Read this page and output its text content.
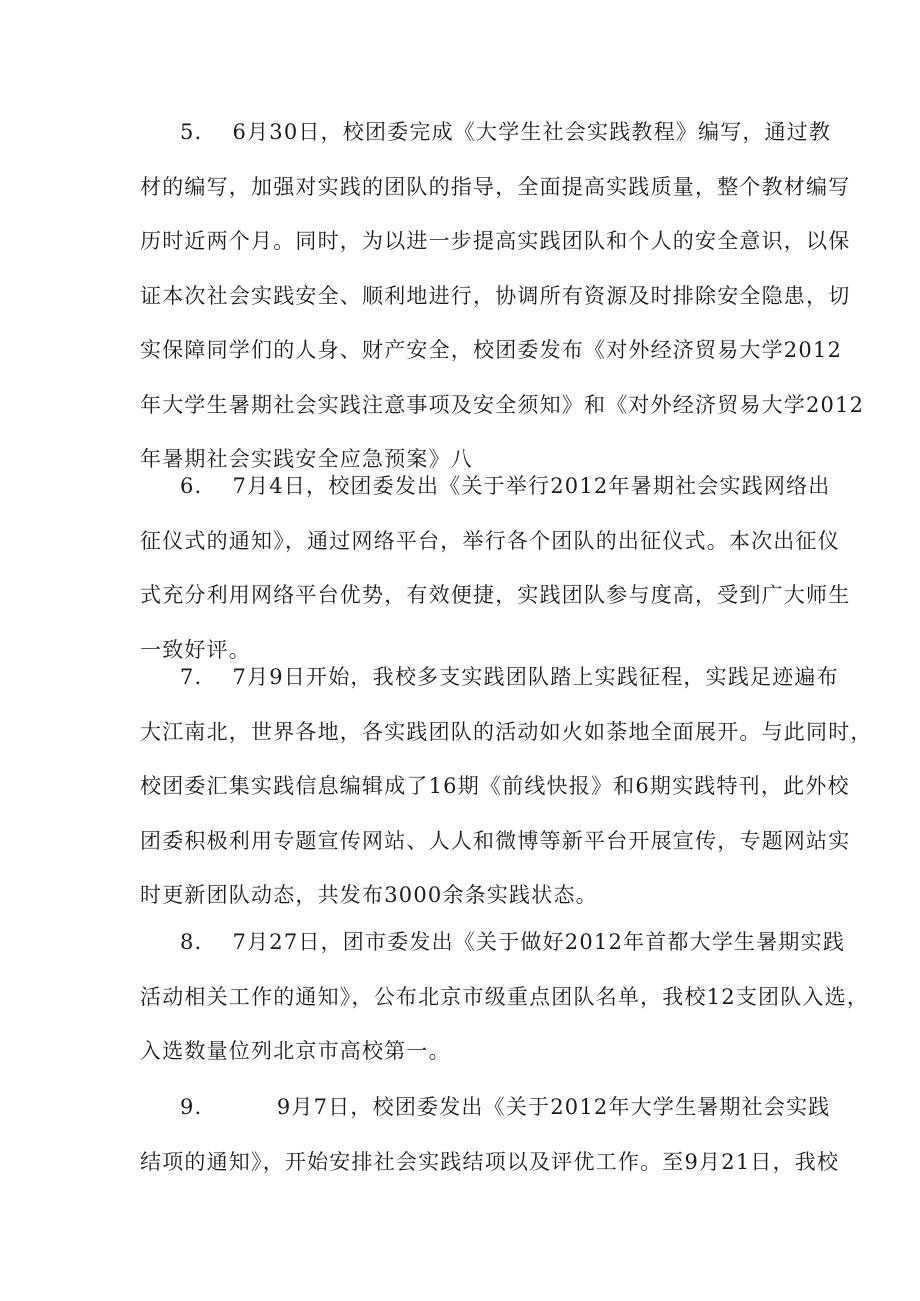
5.　 6月30日，校团委完成《大学生社会实践教程》编写，通过教
材的编写，加强对实践的团队的指导，全面提高实践质量，整个教材编写
历时近两个月。同时，为以进一步提高实践团队和个人的安全意识，以保
证本次社会实践安全、顺利地进行，协调所有资源及时排除安全隐患，切
实保障同学们的人身、财产安全，校团委发布《对外经济贸易大学2012
年大学生暑期社会实践注意事项及安全须知》和《对外经济贸易大学2012
年暑期社会实践安全应急预案》八
6.　 7月4日，校团委发出《关于举行2012年暑期社会实践网络出
征仪式的通知》，通过网络平台，举行各个团队的出征仪式。本次出征仪
式充分利用网络平台优势，有效便捷，实践团队参与度高，受到广大师生
一致好评。
7.　 7月9日开始，我校多支实践团队踏上实践征程，实践足迹遍布
大江南北，世界各地，各实践团队的活动如火如荼地全面展开。与此同时，
校团委汇集实践信息编辑成了16期《前线快报》和6期实践特刊，此外校
团委积极利用专题宣传网站、人人和微博等新平台开展宣传，专题网站实
时更新团队动态，共发布3000余条实践状态。
8.　 7月27日，团市委发出《关于做好2012年首都大学生暑期实践
活动相关工作的通知》，公布北京市级重点团队名单，我校12支团队入选，
入选数量位列北京市高校第一。
9.　　　 9月7日，校团委发出《关于2012年大学生暑期社会实践
结项的通知》，开始安排社会实践结项以及评优工作。至9月21日，我校
